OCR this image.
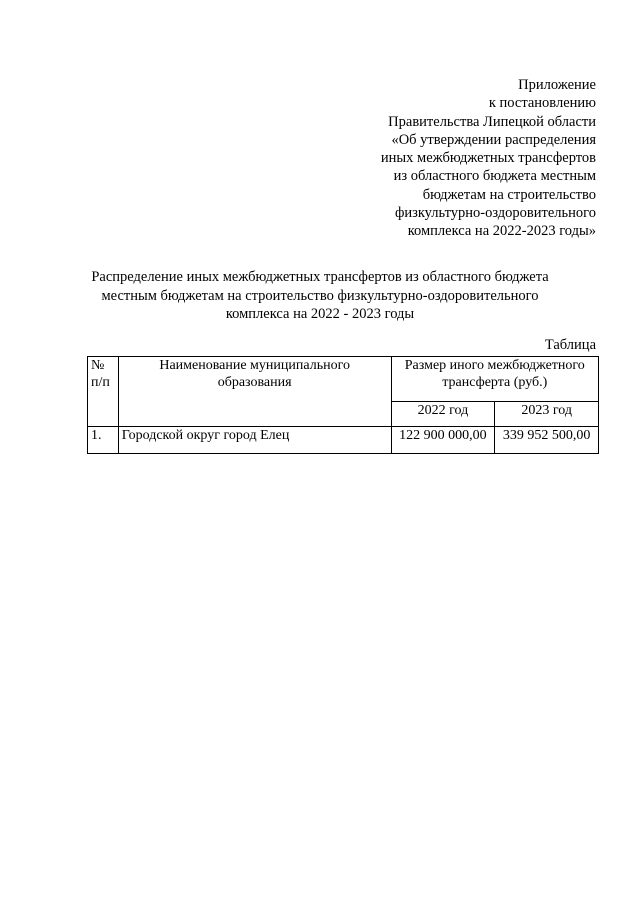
Приложение
к постановлению
Правительства Липецкой области
«Об утверждении распределения
иных межбюджетных трансфертов
из областного бюджета местным
бюджетам на строительство
физкультурно-оздоровительного
комплекса на 2022-2023 годы»
Распределение иных межбюджетных трансфертов из областного бюджета
местным бюджетам на строительство физкультурно-оздоровительного
комплекса на 2022 - 2023 годы
Таблица
№ п/п	Наименование муниципального образования	Размер иного межбюджетного трансферта (руб.)	
		2022 год	2023 год
1.	Городской округ город Елец	122 900 000,00	339 952 500,00
